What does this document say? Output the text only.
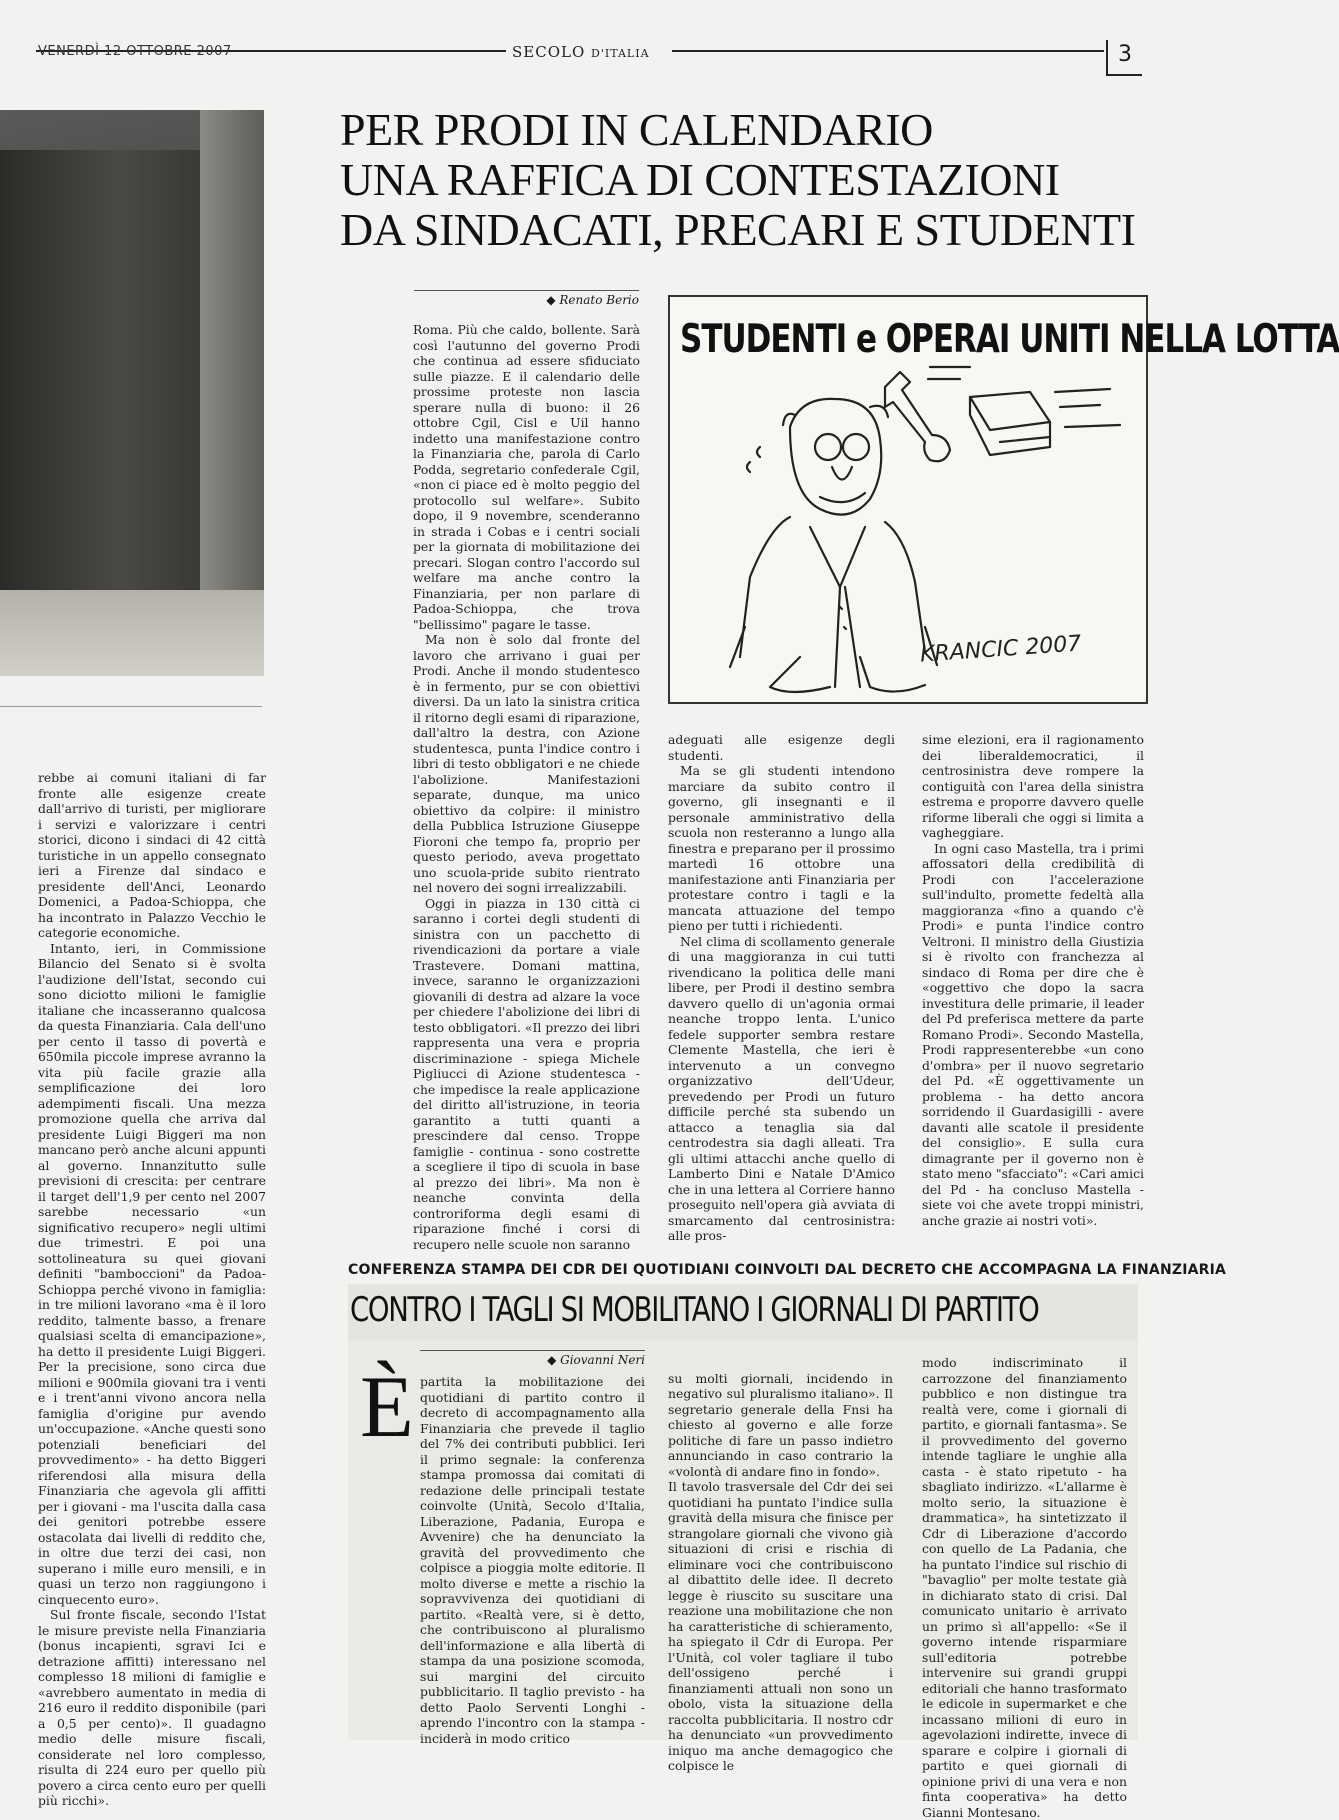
VENERDÌ 12 OTTOBRE 2007	SECOLO D'ITALIA	3
PER PRODI IN CALENDARIO
UNA RAFFICA DI CONTESTAZIONI
DA SINDACATI, PRECARI E STUDENTI
◆ Renato Berio

Roma. Più che caldo, bollente. Sarà così l'autunno del governo Prodi che continua ad essere sfiduciato sulle piazze. E il calendario delle prossime proteste non lascia sperare nulla di buono: il 26 ottobre Cgil, Cisl e Uil hanno indetto una manifestazione contro la Finanziaria che, parola di Carlo Podda, segretario confederale Cgil, «non ci piace ed è molto peggio del protocollo sul welfare». Subito dopo, il 9 novembre, scenderanno in strada i Cobas e i centri sociali per la giornata di mobilitazione dei precari. Slogan contro l'accordo sul welfare ma anche contro la Finanziaria, per non parlare di Padoa-Schioppa, che trova "bellissimo" pagare le tasse.

Ma non è solo dal fronte del lavoro che arrivano i guai per Prodi. Anche il mondo studentesco è in fermento, pur se con obiettivi diversi. Da un lato la sinistra critica il ritorno degli esami di riparazione, dall'altro la destra, con Azione studentesca, punta l'indice contro i libri di testo obbligatori e ne chiede l'abolizione. Manifestazioni separate, dunque, ma unico obiettivo da colpire: il ministro della Pubblica Istruzione Giuseppe Fioroni che tempo fa, proprio per questo periodo, aveva progettato uno scuola-pride subito rientrato nel novero dei sogni irrealizzabili.

Oggi in piazza in 130 città ci saranno i cortei degli studenti di sinistra con un pacchetto di rivendicazioni da portare a viale Trastevere. Domani mattina, invece, saranno le organizzazioni giovanili di destra ad alzare la voce per chiedere l'abolizione dei libri di testo obbligatori. «Il prezzo dei libri rappresenta una vera e propria discriminazione - spiega Michele Pigliucci di Azione studentesca - che impedisce la reale applicazione del diritto all'istruzione, in teoria garantito a tutti quanti a prescindere dal censo. Troppe famiglie - continua - sono costrette a scegliere il tipo di scuola in base al prezzo dei libri». Ma non è neanche convinta della controriforma degli esami di riparazione finché i corsi di recupero nelle scuole non saranno

STUDENTI e OPERAI UNITI NELLA LOTTA
KRANCIC 2007

adeguati alle esigenze degli studenti.

Ma se gli studenti intendono marciare da subito contro il governo, gli insegnanti e il personale amministrativo della scuola non resteranno a lungo alla finestra e preparano per il prossimo martedì 16 ottobre una manifestazione anti Finanziaria per protestare contro i tagli e la mancata attuazione del tempo pieno per tutti i richiedenti.

Nel clima di scollamento generale di una maggioranza in cui tutti rivendicano la politica delle mani libere, per Prodi il destino sembra davvero quello di un'agonia ormai neanche troppo lenta. L'unico fedele supporter sembra restare Clemente Mastella, che ieri è intervenuto a un convegno organizzativo dell'Udeur, prevedendo per Prodi un futuro difficile perché sta subendo un attacco a tenaglia sia dal centrodestra sia dagli alleati. Tra gli ultimi attacchi anche quello di Lamberto Dini e Natale D'Amico che in una lettera al Corriere hanno proseguito nell'opera già avviata di smarcamento dal centrosinistra: alle pros-

sime elezioni, era il ragionamento dei liberaldemocratici, il centrosinistra deve rompere la contiguità con l'area della sinistra estrema e proporre davvero quelle riforme liberali che oggi si limita a vagheggiare.

In ogni caso Mastella, tra i primi affossatori della credibilità di Prodi con l'accelerazione sull'indulto, promette fedeltà alla maggioranza «fino a quando c'è Prodi» e punta l'indice contro Veltroni. Il ministro della Giustizia si è rivolto con franchezza al sindaco di Roma per dire che è «oggettivo che dopo la sacra investitura delle primarie, il leader del Pd preferisca metterе da parte Romano Prodi». Secondo Mastella, Prodi rappresenterebbe «un cono d'ombra» per il nuovo segretario del Pd. «È oggettivamente un problema - ha detto ancora sorridendo il Guardasigilli - avere davanti alle scatole il presidente del consiglio». E sulla cura dimagrante per il governo non è stato meno "sfacciato": «Cari amici del Pd - ha concluso Mastella - siete voi che avete troppi ministri, anche grazie ai nostri voti».

rebbe ai comuni italiani di far fronte alle esigenze create dall'arrivo di turisti, per migliorare i servizi e valorizzare i centri storici, dicono i sindaci di 42 città turistiche in un appello consegnato ieri a Firenze dal sindaco e presidente dell'Anci, Leonardo Domenici, a Padoa-Schioppa, che ha incontrato in Palazzo Vecchio le categorie economiche.

Intanto, ieri, in Commissione Bilancio del Senato si è svolta l'audizione dell'Istat, secondo cui sono diciotto milioni le famiglie italiane che incasseranno qualcosa da questa Finanziaria. Cala dell'uno per cento il tasso di povertà e 650mila piccole imprese avranno la vita più facile grazie alla semplificazione dei loro adempimenti fiscali. Una mezza promozione quella che arriva dal presidente Luigi Biggeri ma non mancano però anche alcuni appunti al governo. Innanzitutto sulle previsioni di crescita: per centrare il target dell'1,9 per cento nel 2007 sarebbe necessario «un significativo recupero» negli ultimi due trimestri. E poi una sottolineatura su quei giovani definiti "bamboccioni" da Padoa-Schioppa perché vivono in famiglia: in tre milioni lavorano «ma è il loro reddito, talmente basso, a frenare qualsiasi scelta di emancipazione», ha detto il presidente Luigi Biggeri. Per la precisione, sono circa due milioni e 900mila giovani tra i venti e i trent'anni vivono ancora nella famiglia d'origine pur avendo un'occupazione. «Anche questi sono potenziali beneficiari del provvedimento» - ha detto Biggeri riferendosi alla misura della Finanziaria che agevola gli affitti per i giovani - ma l'uscita dalla casa dei genitori potrebbe essere ostacolata dai livelli di reddito che, in oltre due terzi dei casi, non superano i mille euro mensili, e in quasi un terzo non raggiungono i cinquecento euro».

Sul fronte fiscale, secondo l'Istat le misure previste nella Finanziaria (bonus incapienti, sgravi Ici e detrazione affitti) interessano nel complesso 18 milioni di famiglie e «avrebbero aumentato in media di 216 euro il reddito disponibile (pari a 0,5 per cento)». Il guadagno medio delle misure fiscali, considerate nel loro complesso, risulta di 224 euro per quello più povero a circa cento euro per quelli più ricchi».

CONFERENZA STAMPA DEI CDR DEI QUOTIDIANI COINVOLTI DAL DECRETO CHE ACCOMPAGNA LA FINANZIARIA
CONTRO I TAGLI SI MOBILITANO I GIORNALI DI PARTITO
◆ Giovanni Neri
È partita la mobilitazione dei quotidiani di partito contro il decreto di accompagnamento alla Finanziaria che prevede il taglio del 7% dei contributi pubblici. Ieri il primo segnale: la conferenza stampa promossa dai comitati di redazione delle principali testate coinvolte (Unità, Secolo d'Italia, Liberazione, Padania, Europa e Avvenire) che ha denunciato la gravità del provvedimento che colpisce a pioggia molte editorie. Il molto diverse e mette a rischio la sopravvivenza dei quotidiani di partito. «Realtà vere, si è detto, che contribuiscono al pluralismo dell'informazione e alla libertà di stampa da una posizione scomoda, sui margini del circuito pubblicitario. Il taglio previsto - ha detto Paolo Serventi Longhi - aprendo l'incontro con la stampa - inciderà in modo critico

su molti giornali, incidendo in negativo sul pluralismo italiano». Il segretario generale della Fnsi ha chiesto al governo e alle forze politiche di fare un passo indietro annunciando in caso contrario la «volontà di andare fino in fondo».
Il tavolo trasversale del Cdr dei sei quotidiani ha puntato l'indice sulla gravità della misura che finisce per strangolare giornali che vivono già situazioni di crisi e rischia di eliminare voci che contribuiscono al dibattito delle idee. Il decreto legge è riuscito su suscitare una reazione una mobilitazione che non ha caratteristiche di schieramento, ha spiegato il Cdr di Europa. Per l'Unità, col voler tagliare il tubo dell'ossigeno perché i finanziamenti attuali non sono un obolo, vista la situazione della raccolta pubblicitaria. Il nostro cdr ha denunciato «un provvedimento iniquo ma anche demagogico che colpisce le

modo indiscriminato il carrozzone del finanziamento pubblico e non distingue tra realtà vere, come i giornali di partito, e giornali fantasma». Se il provvedimento del governo intende tagliare le unghie alla casta - è stato ripetuto - ha sbagliato indirizzo. «L'allarme è molto serio, la situazione è drammatica», ha sintetizzato il Cdr di Liberazione d'accordo con quello de La Padania, che ha puntato l'indice sul rischio di "bavaglio" per molte testate già in dichiarato stato di crisi. Dal comunicato unitario è arrivato un primo sì all'appello: «Se il governo intende risparmiare sull'editoria potrebbe intervenire sui grandi gruppi editoriali che hanno trasformato le edicole in supermarket e che incassano milioni di euro in agevolazioni indirette, invece di sparare e colpire i giornali di partito e quei giornali di opinione privi di una vera e non finta cooperativa» ha detto Gianni Montesano.
